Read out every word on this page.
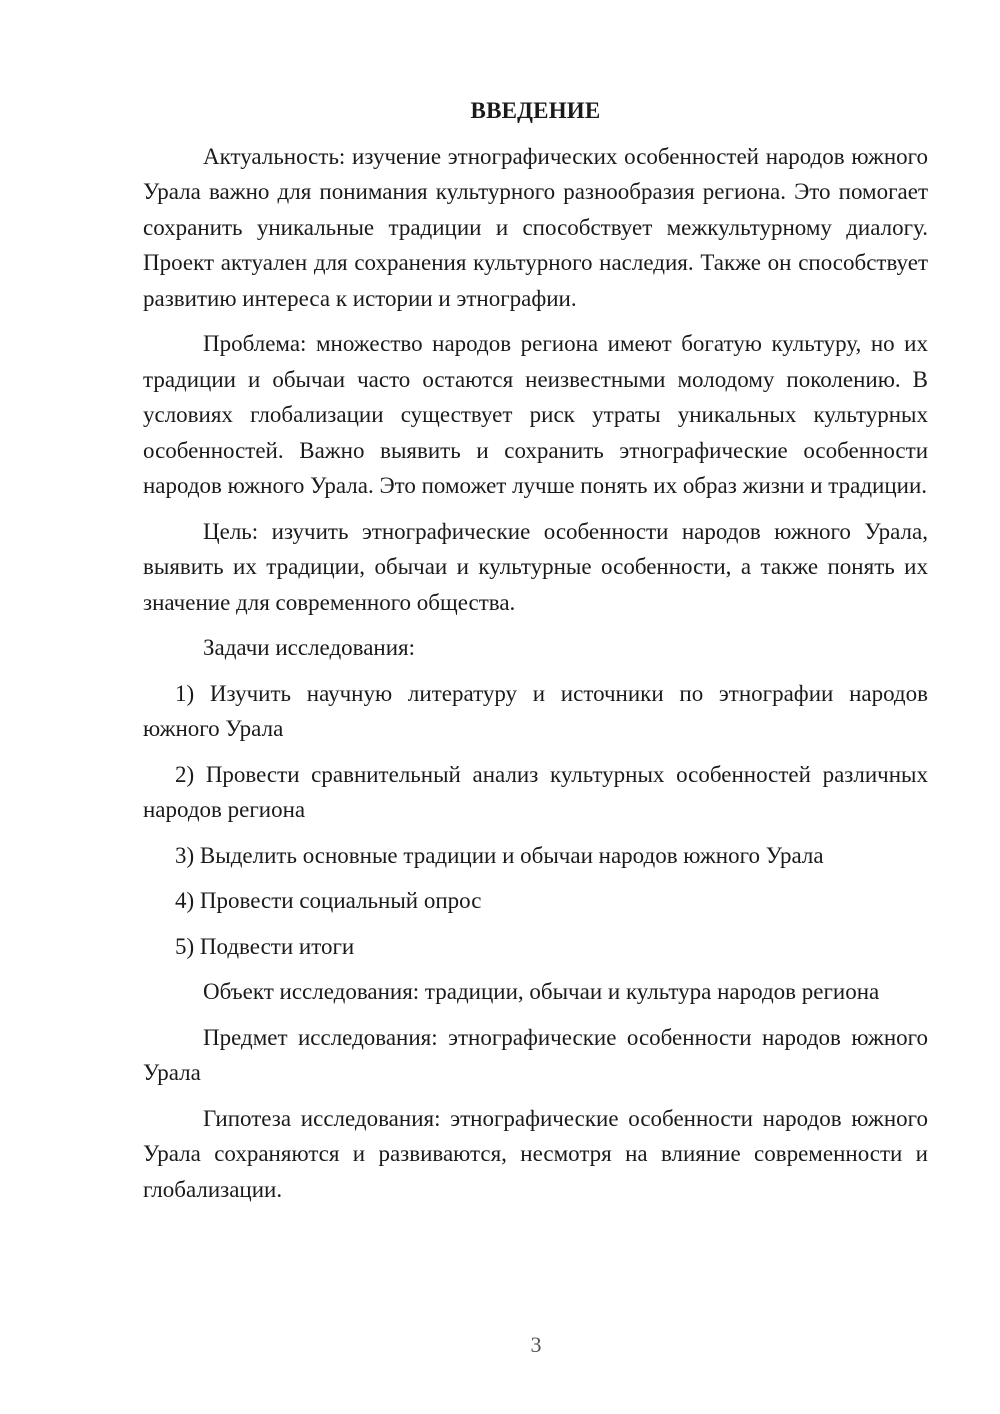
ВВЕДЕНИЕ

Актуальность: изучение этнографических особенностей народов южного Урала важно для понимания культурного разнообразия региона. Это помогает сохранить уникальные традиции и способствует межкультурному диалогу. Проект актуален для сохранения культурного наследия. Также он способствует развитию интереса к истории и этнографии.

Проблема: множество народов региона имеют богатую культуру, но их традиции и обычаи часто остаются неизвестными молодому поколению. В условиях глобализации существует риск утраты уникальных культурных особенностей. Важно выявить и сохранить этнографические особенности народов южного Урала. Это поможет лучше понять их образ жизни и традиции.

Цель: изучить этнографические особенности народов южного Урала, выявить их традиции, обычаи и культурные особенности, а также понять их значение для современного общества.

Задачи исследования:

1) Изучить научную литературу и источники по этнографии народов южного Урала

2) Провести сравнительный анализ культурных особенностей различных народов региона

3) Выделить основные традиции и обычаи народов южного Урала

4) Провести социальный опрос

5) Подвести итоги

Объект исследования: традиции, обычаи и культура народов региона

Предмет исследования: этнографические особенности народов южного Урала

Гипотеза исследования: этнографические особенности народов южного Урала сохраняются и развиваются, несмотря на влияние современности и глобализации.

3
